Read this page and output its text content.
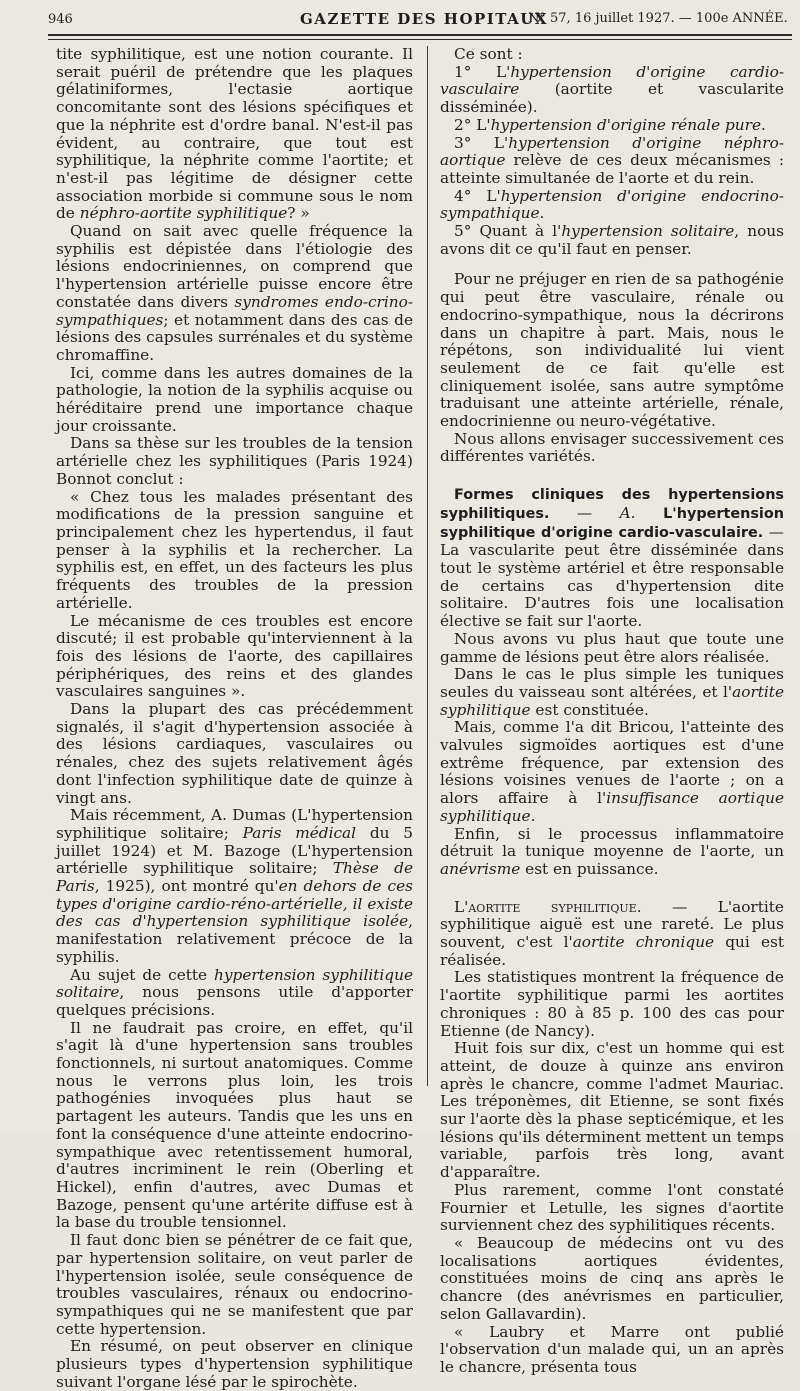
946	GAZETTE DES HOPITAUX
N° 57, 16 juillet 1927. — 100e ANNÉE.

tite syphilitique, est une notion courante. Il serait puéril de prétendre que les plaques gélatiniformes, l'ectasie aortique concomitante sont des lésions spécifiques et que la néphrite est d'ordre banal. N'est-il pas évident, au contraire, que tout est syphilitique, la néphrite comme l'aortite; et n'est-il pas légitime de désigner cette association morbide si commune sous le nom de néphro-aortite syphilitique? »

Quand on sait avec quelle fréquence la syphilis est dépistée dans l'étiologie des lésions endocriniennes, on comprend que l'hypertension artérielle puisse encore être constatée dans divers syndromes endo-crino-sympathiques; et notamment dans des cas de lésions des capsules surrénales et du système chromaffine.

Ici, comme dans les autres domaines de la pathologie, la notion de la syphilis acquise ou héréditaire prend une importance chaque jour croissante.

Dans sa thèse sur les troubles de la tension artérielle chez les syphilitiques (Paris 1924) Bonnot conclut :

« Chez tous les malades présentant des modifications de la pression sanguine et principalement chez les hypertendus, il faut penser à la syphilis et la rechercher. La syphilis est, en effet, un des facteurs les plus fréquents des troubles de la pression artérielle.

Le mécanisme de ces troubles est encore discuté; il est probable qu'interviennent à la fois des lésions de l'aorte, des capillaires périphériques, des reins et des glandes vasculaires sanguines ».

Dans la plupart des cas précédemment signalés, il s'agit d'hypertension associée à des lésions cardiaques, vasculaires ou rénales, chez des sujets relativement âgés dont l'infection syphilitique date de quinze à vingt ans.

Mais récemment, A. Dumas (L'hypertension syphilitique solitaire; Paris médical du 5 juillet 1924) et M. Bazoge (L'hypertension artérielle syphilitique solitaire; Thèse de Paris, 1925), ont montré qu'en dehors de ces types d'origine cardio-réno-artérielle, il existe des cas d'hypertension syphilitique isolée, manifestation relativement précoce de la syphilis.

Au sujet de cette hypertension syphilitique solitaire, nous pensons utile d'apporter quelques précisions.

Il ne faudrait pas croire, en effet, qu'il s'agit là d'une hypertension sans troubles fonctionnels, ni surtout anatomiques. Comme nous le verrons plus loin, les trois pathogénies invoquées plus haut se partagent les auteurs. Tandis que les uns en font la conséquence d'une atteinte endocrino-sympathique avec retentissement humoral, d'autres incriminent le rein (Oberling et Hickel), enfin d'autres, avec Dumas et Bazoge, pensent qu'une artérite diffuse est à la base du trouble tensionnel.

Il faut donc bien se pénétrer de ce fait que, par hypertension solitaire, on veut parler de l'hypertension isolée, seule conséquence de troubles vasculaires, rénaux ou endocrino-sympathiques qui ne se manifestent que par cette hypertension.

En résumé, on peut observer en clinique plusieurs types d'hypertension syphilitique suivant l'organe lésé par le spirochète.

Ce sont :

1° L'hypertension d'origine cardio-vasculaire (aortite et vascularite disséminée).

2° L'hypertension d'origine rénale pure.

3° L'hypertension d'origine néphro-aortique relève de ces deux mécanismes : atteinte simultanée de l'aorte et du rein.

4° L'hypertension d'origine endocrino-sympathique.

5° Quant à l'hypertension solitaire, nous avons dit ce qu'il faut en penser.

Pour ne préjuger en rien de sa pathogénie qui peut être vasculaire, rénale ou endocrino-sympathique, nous la décrirons dans un chapitre à part. Mais, nous le répétons, son individualité lui vient seulement de ce fait qu'elle est cliniquement isolée, sans autre symptôme traduisant une atteinte artérielle, rénale, endocrinienne ou neuro-végétative.

Nous allons envisager successivement ces différentes variétés.

Formes cliniques des hypertensions syphilitiques. — A. L'hypertension syphilitique d'origine cardio-vasculaire. — La vascularite peut être disséminée dans tout le système artériel et être responsable de certains cas d'hypertension dite solitaire. D'autres fois une localisation élective se fait sur l'aorte.

Nous avons vu plus haut que toute une gamme de lésions peut être alors réalisée.

Dans le cas le plus simple les tuniques seules du vaisseau sont altérées, et l'aortite syphilitique est constituée.

Mais, comme l'a dit Bricou, l'atteinte des valvules sigmoïdes aortiques est d'une extrême fréquence, par extension des lésions voisines venues de l'aorte ; on a alors affaire à l'insuffisance aortique syphilitique.

Enfin, si le processus inflammatoire détruit la tunique moyenne de l'aorte, un anévrisme est en puissance.

L'aortite syphilitique. — L'aortite syphilitique aiguë est une rareté. Le plus souvent, c'est l'aortite chronique qui est réalisée.

Les statistiques montrent la fréquence de l'aortite syphilitique parmi les aortites chroniques : 80 à 85 p. 100 des cas pour Etienne (de Nancy).

Huit fois sur dix, c'est un homme qui est atteint, de douze à quinze ans environ après le chancre, comme l'admet Mauriac. Les tréponèmes, dit Etienne, se sont fixés sur l'aorte dès la phase septicémique, et les lésions qu'ils déterminent mettent un temps variable, parfois très long, avant d'apparaître.

Plus rarement, comme l'ont constaté Fournier et Letulle, les signes d'aortite surviennent chez des syphilitiques récents.

« Beaucoup de médecins ont vu des localisations aortiques évidentes, constituées moins de cinq ans après le chancre (des anévrismes en particulier, selon Gallavardin).

« Laubry et Marre ont publié l'observation d'un malade qui, un an après le chancre, présenta tous
